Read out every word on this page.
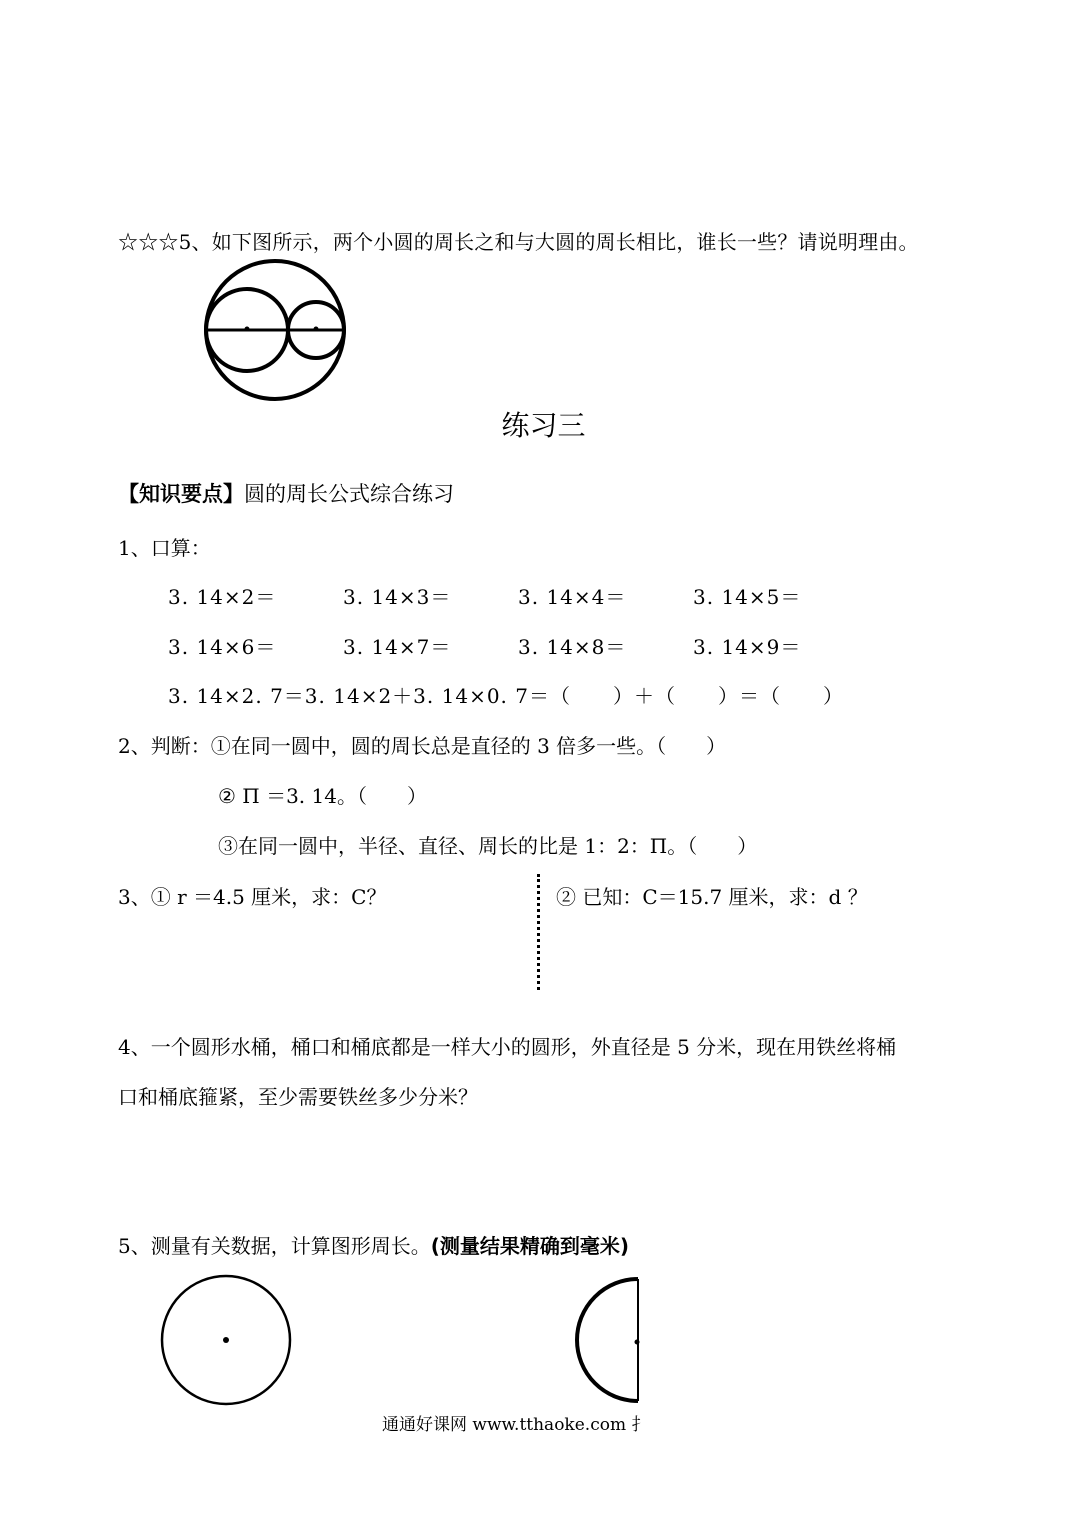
☆☆☆5、如下图所示，两个小圆的周长之和与大圆的周长相比，谁长一些？请说明理由。
练习三
【知识要点】圆的周长公式综合练习
1、口算：
3. 14×2＝	3. 14×3＝	3. 14×4＝	3. 14×5＝
3. 14×6＝	3. 14×7＝	3. 14×8＝	3. 14×9＝
3. 14×2. 7＝3. 14×2＋3. 14×0. 7＝（　　）＋（　　）＝（　　）
2、判断：①在同一圆中，圆的周长总是直径的 3 倍多一些。（　　）
② Π ＝3. 14。（　　）
③在同一圆中，半径、直径、周长的比是 1：2：Π。（　　）
3、① r ＝4.5 厘米，求：C？	② 已知：C＝15.7 厘米，求：d ？
4、一个圆形水桶，桶口和桶底都是一样大小的圆形，外直径是 5 分米，现在用铁丝将桶
口和桶底箍紧，至少需要铁丝多少分米？
5、测量有关数据，计算图形周长。(测量结果精确到毫米)
通通好课网 www.tthaoke.com 扌
